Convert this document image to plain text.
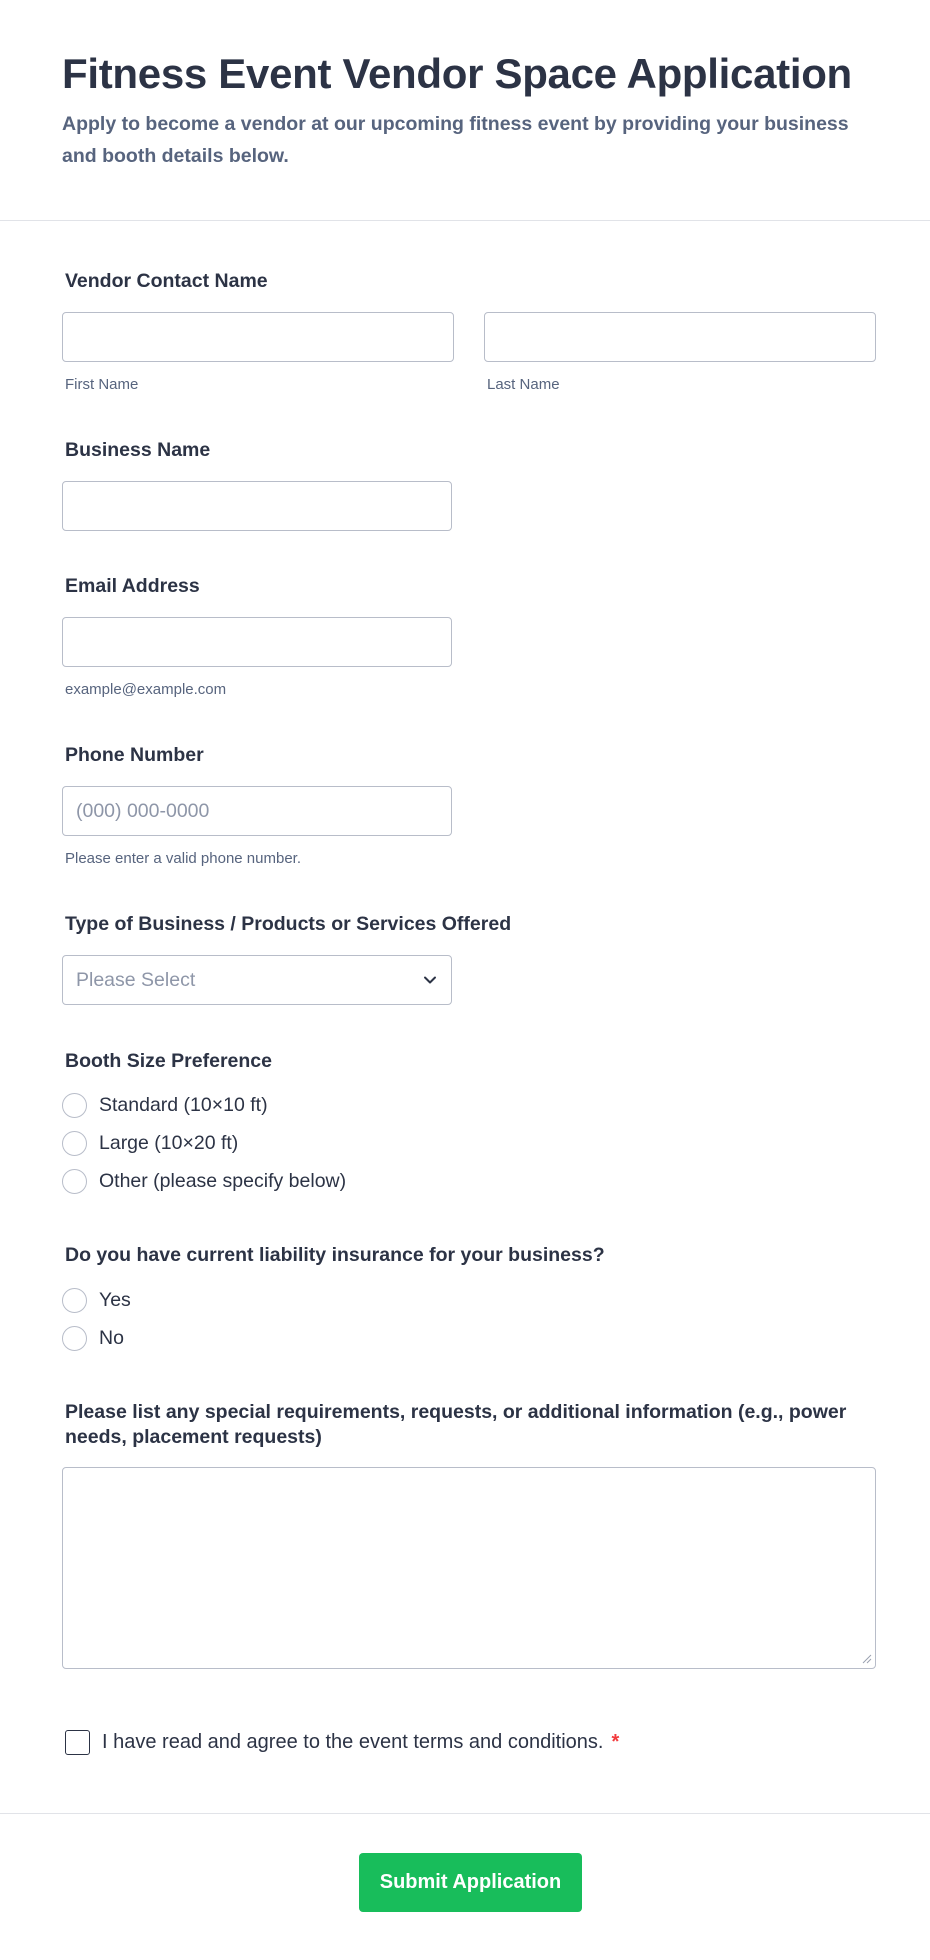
Fitness Event Vendor Space Application

Apply to become a vendor at our upcoming fitness event by providing your business and booth details below.

Vendor Contact Name
First Name	Last Name
Business Name
Email Address
example@example.com
Phone Number
(000) 000-0000
Please enter a valid phone number.
Type of Business / Products or Services Offered
Please Select
Booth Size Preference
Standard (10×10 ft)
Large (10×20 ft)
Other (please specify below)
Do you have current liability insurance for your business?
Yes
No
Please list any special requirements, requests, or additional information (e.g., power needs, placement requests)
I have read and agree to the event terms and conditions. *
Submit Application
